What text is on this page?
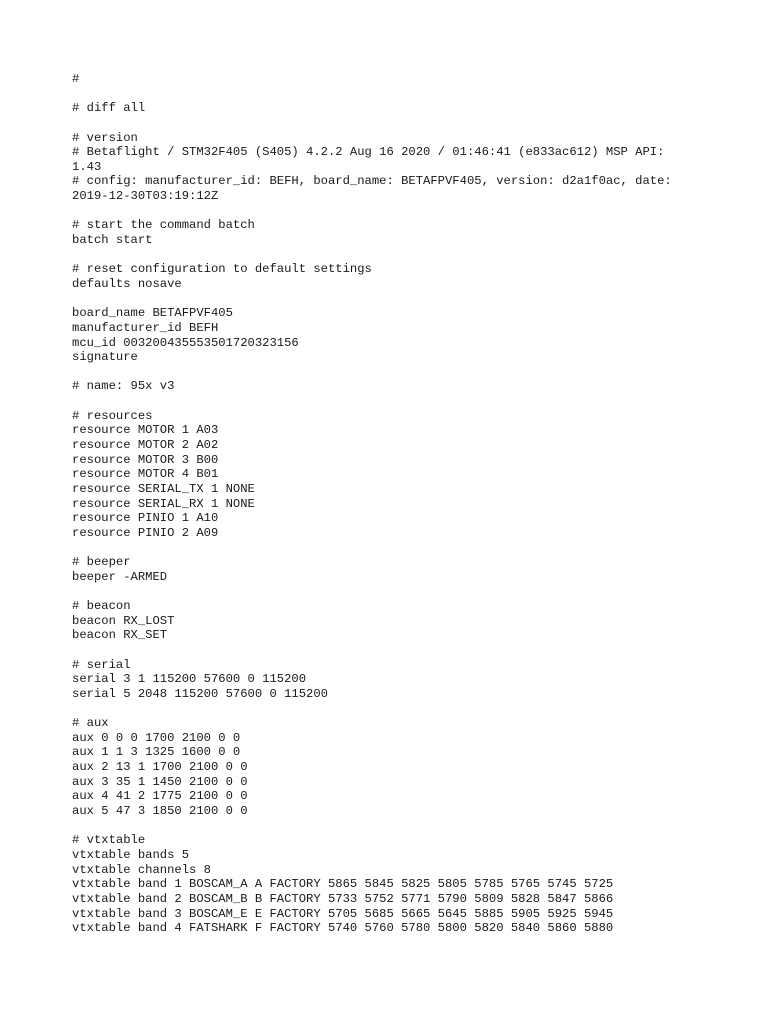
#
# diff all
# version
# Betaflight / STM32F405 (S405) 4.2.2 Aug 16 2020 / 01:46:41 (e833ac612) MSP API:
1.43
# config: manufacturer_id: BEFH, board_name: BETAFPVF405, version: d2a1f0ac, date:
2019-12-30T03:19:12Z
# start the command batch
batch start
# reset configuration to default settings
defaults nosave
board_name BETAFPVF405
manufacturer_id BEFH
mcu_id 003200435553501720323156
signature
# name: 95x v3
# resources
resource MOTOR 1 A03
resource MOTOR 2 A02
resource MOTOR 3 B00
resource MOTOR 4 B01
resource SERIAL_TX 1 NONE
resource SERIAL_RX 1 NONE
resource PINIO 1 A10
resource PINIO 2 A09
# beeper
beeper -ARMED
# beacon
beacon RX_LOST
beacon RX_SET
# serial
serial 3 1 115200 57600 0 115200
serial 5 2048 115200 57600 0 115200
# aux
aux 0 0 0 1700 2100 0 0
aux 1 1 3 1325 1600 0 0
aux 2 13 1 1700 2100 0 0
aux 3 35 1 1450 2100 0 0
aux 4 41 2 1775 2100 0 0
aux 5 47 3 1850 2100 0 0
# vtxtable
vtxtable bands 5
vtxtable channels 8
vtxtable band 1 BOSCAM_A A FACTORY 5865 5845 5825 5805 5785 5765 5745 5725
vtxtable band 2 BOSCAM_B B FACTORY 5733 5752 5771 5790 5809 5828 5847 5866
vtxtable band 3 BOSCAM_E E FACTORY 5705 5685 5665 5645 5885 5905 5925 5945
vtxtable band 4 FATSHARK F FACTORY 5740 5760 5780 5800 5820 5840 5860 5880
